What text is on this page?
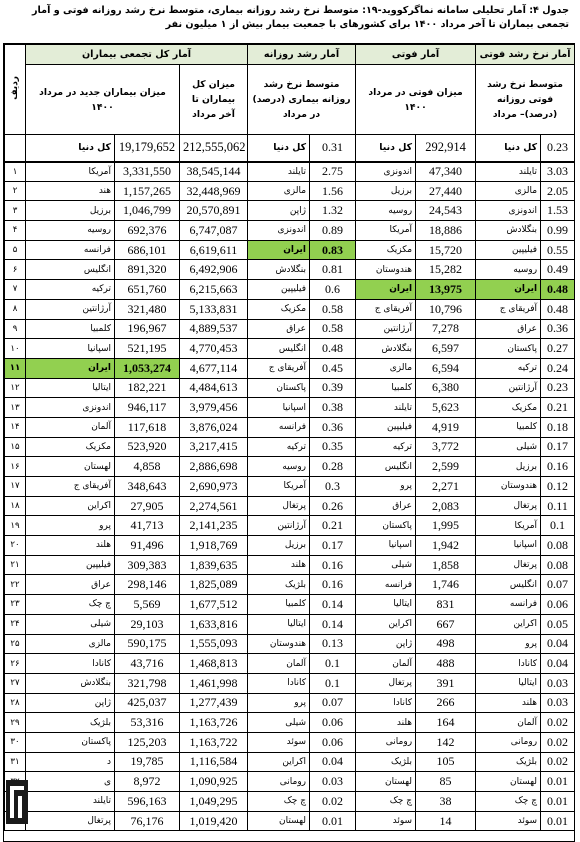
جدول ۴: آمار تحلیلی سامانه نماگرکووید-۱۹: متوسط نرخ رشد روزانه بیماری، متوسط نرخ رشد روزانه فوتی و آمار تجمعی بیماران تا آخر مرداد ۱۴۰۰ برای کشورهای با جمعیت بیمار بیش از ۱ میلیون نفر
ردیف	آمار کل تجمعی بیماران			آمار رشد روزانه		آمار فوتی		آمار نرخ رشد فوتی	
	میزان بیماران جدید در مرداد ۱۴۰۰		میزان کل بیماران تا آخر مرداد	متوسط نرخ رشد روزانه بیماری (درصد) در مرداد		میزان فوتی در مرداد ۱۴۰۰		متوسط نرخ رشد فوتی روزانه (درصد)– مرداد	
	کل دنیا	19,179,652	212,555,062	کل دنیا	0.31	کل دنیا	292,914	کل دنیا	0.23
۱	آمریکا	3,331,550	38,545,144	تایلند	2.75	اندونزی	47,340	تایلند	3.03
۲	هند	1,157,265	32,448,969	مالزی	1.56	برزیل	27,440	مالزی	2.05
۳	برزیل	1,046,799	20,570,891	ژاپن	1.32	روسیه	24,543	اندونزی	1.53
۴	روسیه	692,376	6,747,087	اندونزی	0.89	آمریکا	18,886	بنگلادش	0.99
۵	فرانسه	686,101	6,619,611	ایران	0.83	مکزیک	15,720	فیلیپین	0.55
۶	انگلیس	891,320	6,492,906	بنگلادش	0.81	هندوستان	15,282	روسیه	0.49
۷	ترکیه	651,760	6,215,663	فیلیپین	0.6	ایران	13,975	ایران	0.48
۸	آرژانتین	321,480	5,133,831	مکزیک	0.58	آفریقای ج	10,796	آفریقای ج	0.48
۹	کلمبیا	196,967	4,889,537	عراق	0.58	آرژانتین	7,278	عراق	0.36
۱۰	اسپانیا	521,195	4,770,453	انگلیس	0.48	بنگلادش	6,597	پاکستان	0.27
۱۱	ایران	1,053,274	4,677,114	آفریقای ج	0.45	مالزی	6,594	ترکیه	0.24
۱۲	ایتالیا	182,221	4,484,613	پاکستان	0.39	کلمبیا	6,380	آرژانتین	0.23
۱۳	اندونزی	946,117	3,979,456	اسپانیا	0.38	تایلند	5,623	مکزیک	0.21
۱۴	آلمان	117,618	3,876,024	فرانسه	0.36	فیلیپین	4,919	کلمبیا	0.18
۱۵	مکزیک	523,920	3,217,415	ترکیه	0.35	ترکیه	3,772	شیلی	0.17
۱۶	لهستان	4,858	2,886,698	روسیه	0.28	انگلیس	2,599	برزیل	0.16
۱۷	آفریقای ج	348,643	2,690,973	آمریکا	0.3	پرو	2,271	هندوستان	0.12
۱۸	اکراین	27,905	2,274,561	پرتغال	0.26	عراق	2,083	پرتغال	0.11
۱۹	پرو	41,713	2,141,235	آرژانتین	0.21	پاکستان	1,995	آمریکا	0.1
۲۰	هلند	91,496	1,918,769	برزیل	0.17	اسپانیا	1,942	اسپانیا	0.08
۲۱	فیلیپین	309,383	1,839,635	هلند	0.16	شیلی	1,858	پرتغال	0.08
۲۲	عراق	298,146	1,825,089	بلژیک	0.16	فرانسه	1,746	انگلیس	0.07
۲۳	چ چک	5,569	1,677,512	کلمبیا	0.14	ایتالیا	831	فرانسه	0.06
۲۴	شیلی	29,103	1,633,816	ایتالیا	0.14	اکراین	667	اکراین	0.05
۲۵	مالزی	590,175	1,555,093	هندوستان	0.13	ژاپن	498	پرو	0.04
۲۶	کانادا	43,716	1,468,813	آلمان	0.1	آلمان	488	کانادا	0.04
۲۷	بنگلادش	321,798	1,461,998	کانادا	0.1	پرتغال	391	ایتالیا	0.03
۲۸	ژاپن	425,037	1,277,439	پرو	0.07	کانادا	266	هلند	0.03
۲۹	بلژیک	53,316	1,163,726	شیلی	0.06	هلند	164	آلمان	0.02
۳۰	پاکستان	125,203	1,163,722	سوئد	0.06	رومانی	142	رومانی	0.02
۳۱	د	19,785	1,116,584	اکراین	0.04	بلژیک	105	بلژیک	0.02
	ی	8,972	1,090,925	رومانی	0.03	لهستان	85	لهستان	0.01
	تایلند	596,163	1,049,295	چ چک	0.02	چ چک	38	چ چک	0.01
	پرتغال	76,176	1,019,420	لهستان	0.01	سوئد	14	سوئد	0.01
